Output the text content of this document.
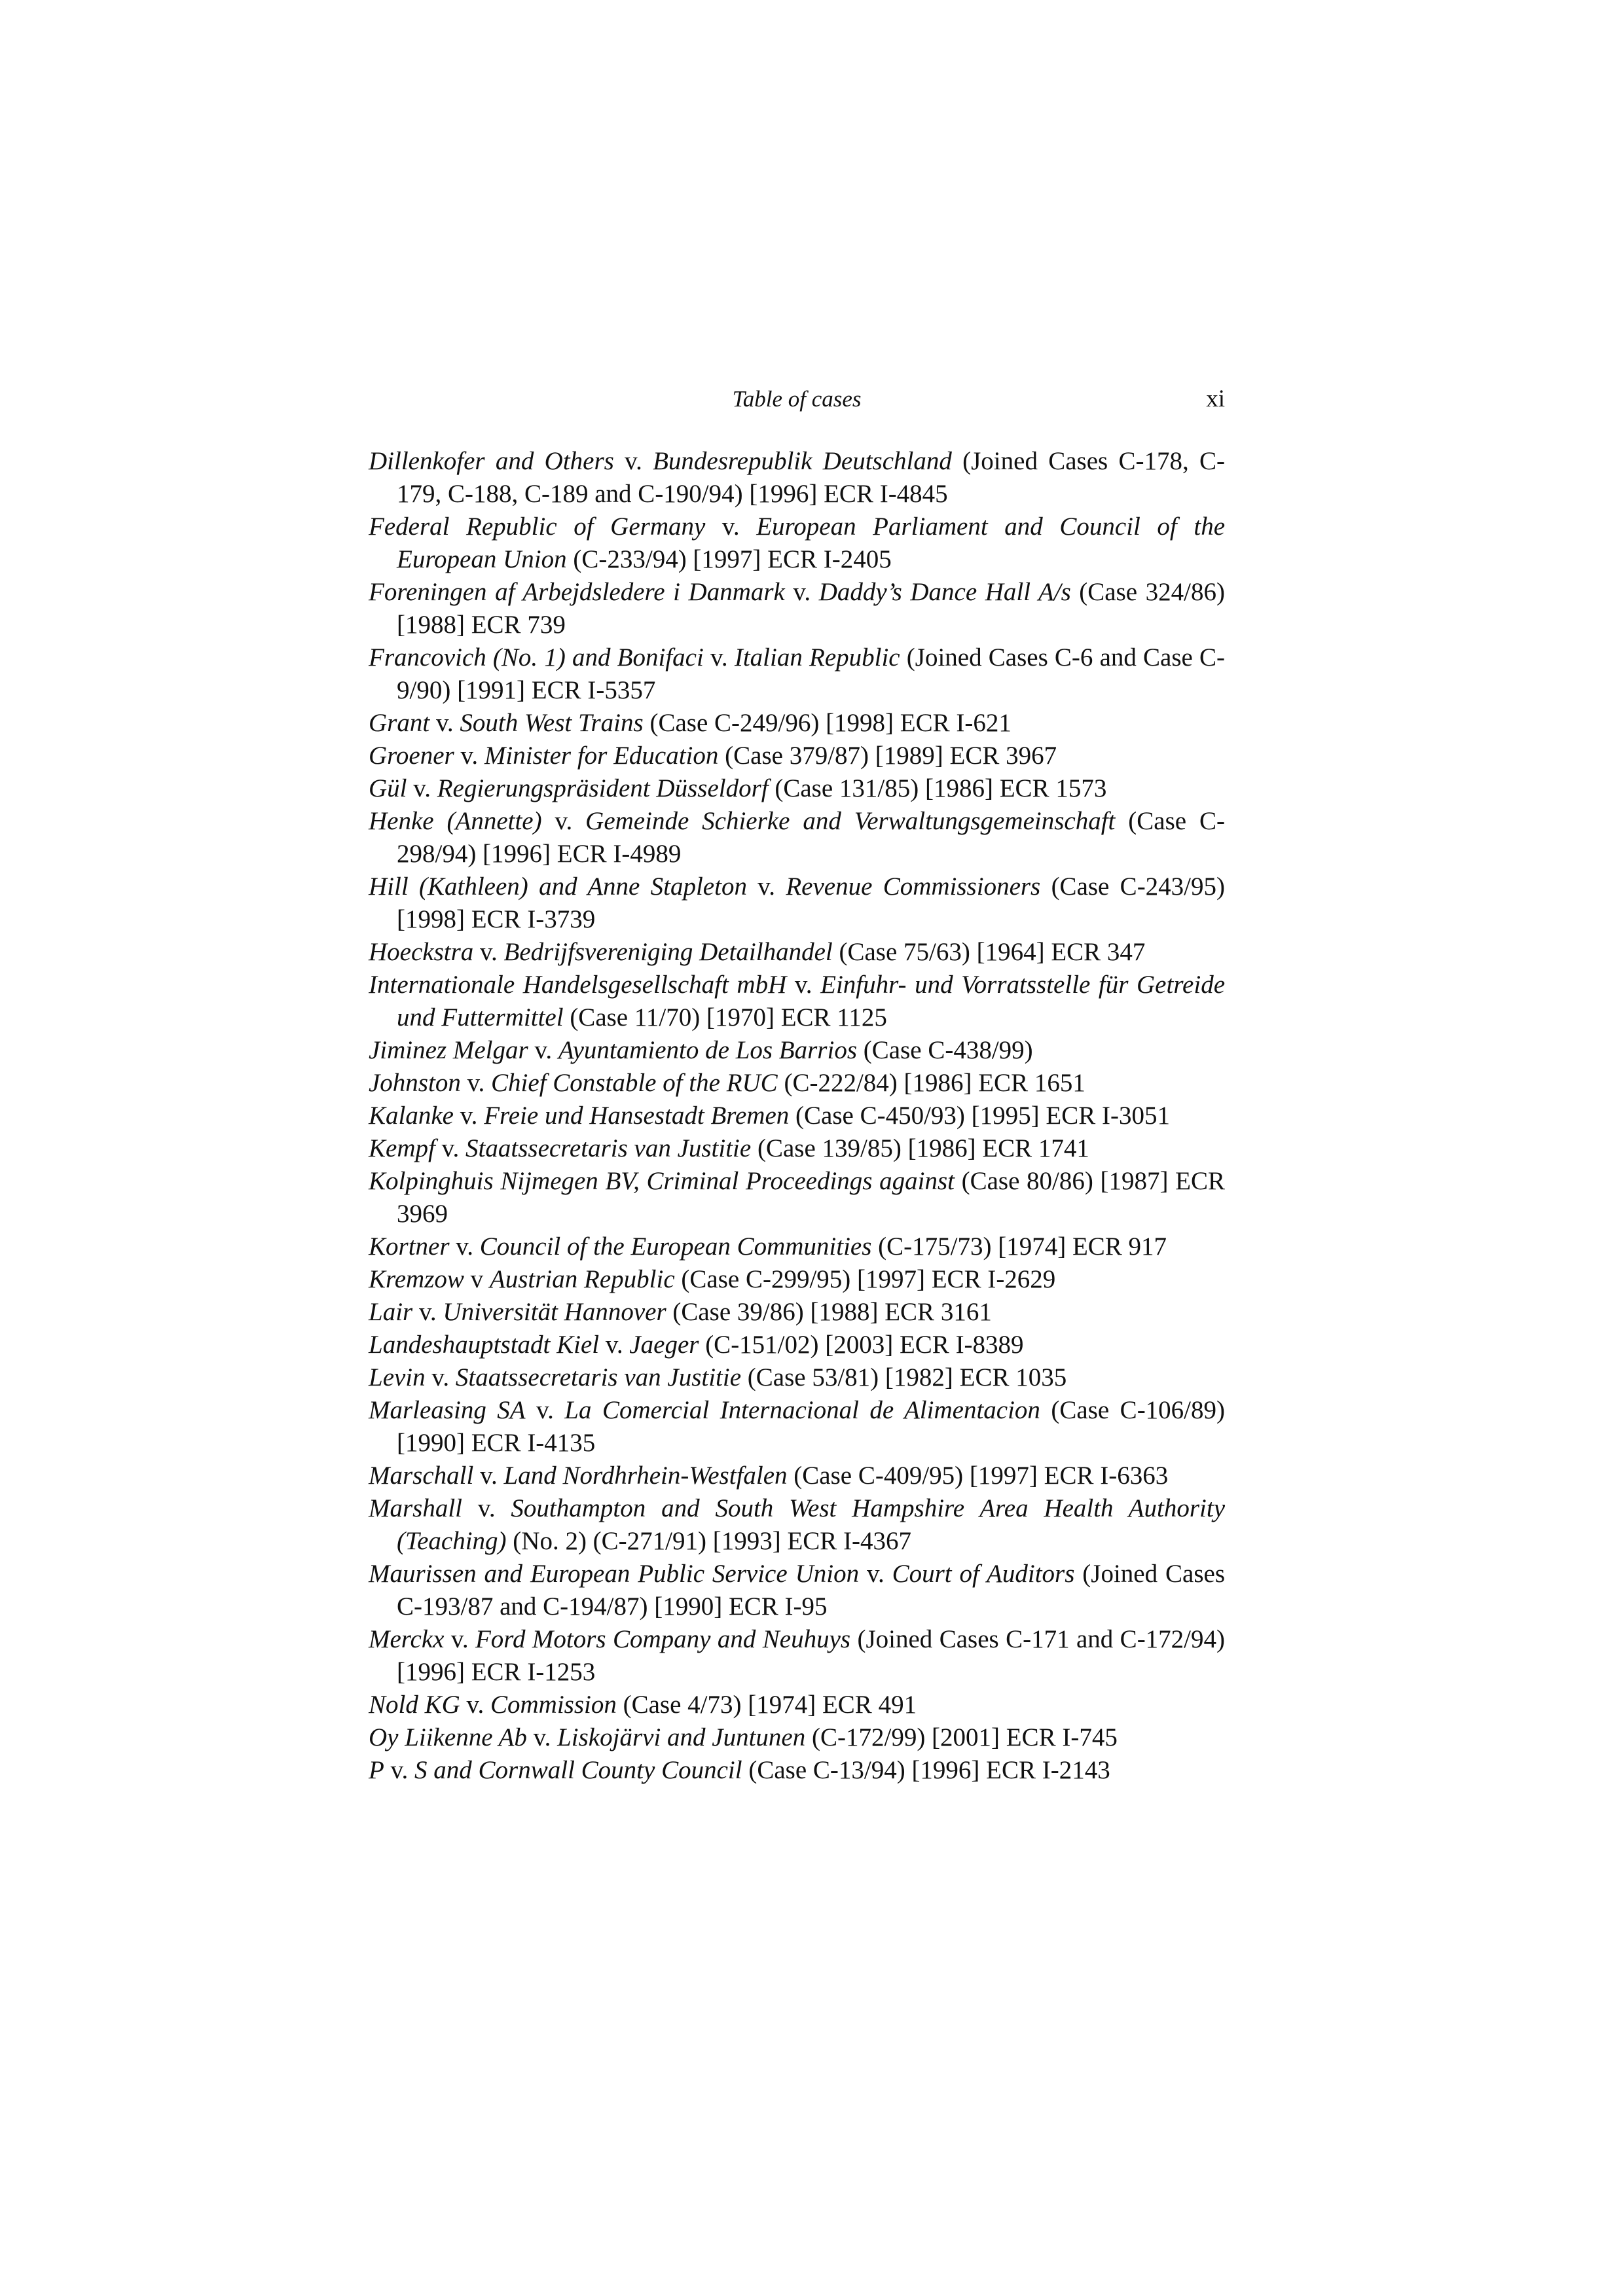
Table of cases	xi
Dillenkofer and Others v. Bundesrepublik Deutschland (Joined Cases C-178, C-179, C-188, C-189 and C-190/94) [1996] ECR I-4845
Federal Republic of Germany v. European Parliament and Council of the European Union (C-233/94) [1997] ECR I-2405
Foreningen af Arbejdsledere i Danmark v. Daddy’s Dance Hall A/s (Case 324/86) [1988] ECR 739
Francovich (No. 1) and Bonifaci v. Italian Republic (Joined Cases C-6 and Case C-9/90) [1991] ECR I-5357
Grant v. South West Trains (Case C-249/96) [1998] ECR I-621
Groener v. Minister for Education (Case 379/87) [1989] ECR 3967
Gül v. Regierungspräsident Düsseldorf (Case 131/85) [1986] ECR 1573
Henke (Annette) v. Gemeinde Schierke and Verwaltungsgemeinschaft (Case C-298/94) [1996] ECR I-4989
Hill (Kathleen) and Anne Stapleton v. Revenue Commissioners (Case C-243/95) [1998] ECR I-3739
Hoeckstra v. Bedrijfsvereniging Detailhandel (Case 75/63) [1964] ECR 347
Internationale Handelsgesellschaft mbH v. Einfuhr- und Vorratsstelle für Getreide und Futtermittel (Case 11/70) [1970] ECR 1125
Jiminez Melgar v. Ayuntamiento de Los Barrios (Case C-438/99)
Johnston v. Chief Constable of the RUC (C-222/84) [1986] ECR 1651
Kalanke v. Freie und Hansestadt Bremen (Case C-450/93) [1995] ECR I-3051
Kempf v. Staatssecretaris van Justitie (Case 139/85) [1986] ECR 1741
Kolpinghuis Nijmegen BV, Criminal Proceedings against (Case 80/86) [1987] ECR 3969
Kortner v. Council of the European Communities (C-175/73) [1974] ECR 917
Kremzow v Austrian Republic (Case C-299/95) [1997] ECR I-2629
Lair v. Universität Hannover (Case 39/86) [1988] ECR 3161
Landeshauptstadt Kiel v. Jaeger (C-151/02) [2003] ECR I-8389
Levin v. Staatssecretaris van Justitie (Case 53/81) [1982] ECR 1035
Marleasing SA v. La Comercial Internacional de Alimentacion (Case C-106/89) [1990] ECR I-4135
Marschall v. Land Nordhrhein-Westfalen (Case C-409/95) [1997] ECR I-6363
Marshall v. Southampton and South West Hampshire Area Health Authority (Teaching) (No. 2) (C-271/91) [1993] ECR I-4367
Maurissen and European Public Service Union v. Court of Auditors (Joined Cases C-193/87 and C-194/87) [1990] ECR I-95
Merckx v. Ford Motors Company and Neuhuys (Joined Cases C-171 and C-172/94) [1996] ECR I-1253
Nold KG v. Commission (Case 4/73) [1974] ECR 491
Oy Liikenne Ab v. Liskojärvi and Juntunen (C-172/99) [2001] ECR I-745
P v. S and Cornwall County Council (Case C-13/94) [1996] ECR I-2143
